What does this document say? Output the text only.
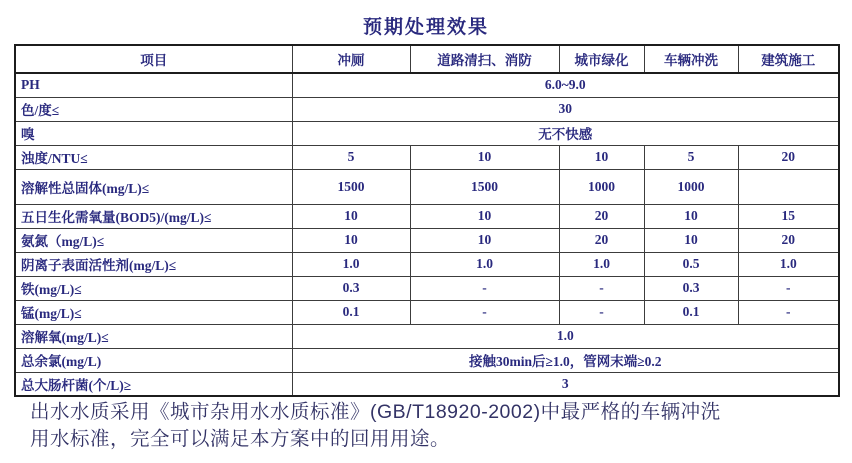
预期处理效果
项目	冲厕	道路清扫、消防	城市绿化	车辆冲洗	建筑施工
PH	6.0~9.0				
色/度≤	30				
嗅	无不快感				
浊度/NTU≤	5	10	10	5	20
溶解性总固体(mg/L)≤	1500	1500	1000	1000	
五日生化需氧量(BOD5)/(mg/L)≤	10	10	20	10	15
氨氮（mg/L)≤	10	10	20	10	20
阴离子表面活性剂(mg/L)≤	1.0	1.0	1.0	0.5	1.0
铁(mg/L)≤	0.3	-	-	0.3	-
锰(mg/L)≤	0.1	-	-	0.1	-
溶解氧(mg/L)≤	1.0				
总余氯(mg/L)	接触30min后≥1.0，管网末端≥0.2				
总大肠杆菌(个/L)≥	3				
出水水质采用《城市杂用水水质标准》(GB/T18920-2002)中最严格的车辆冲洗
用水标准，完全可以满足本方案中的回用用途。
